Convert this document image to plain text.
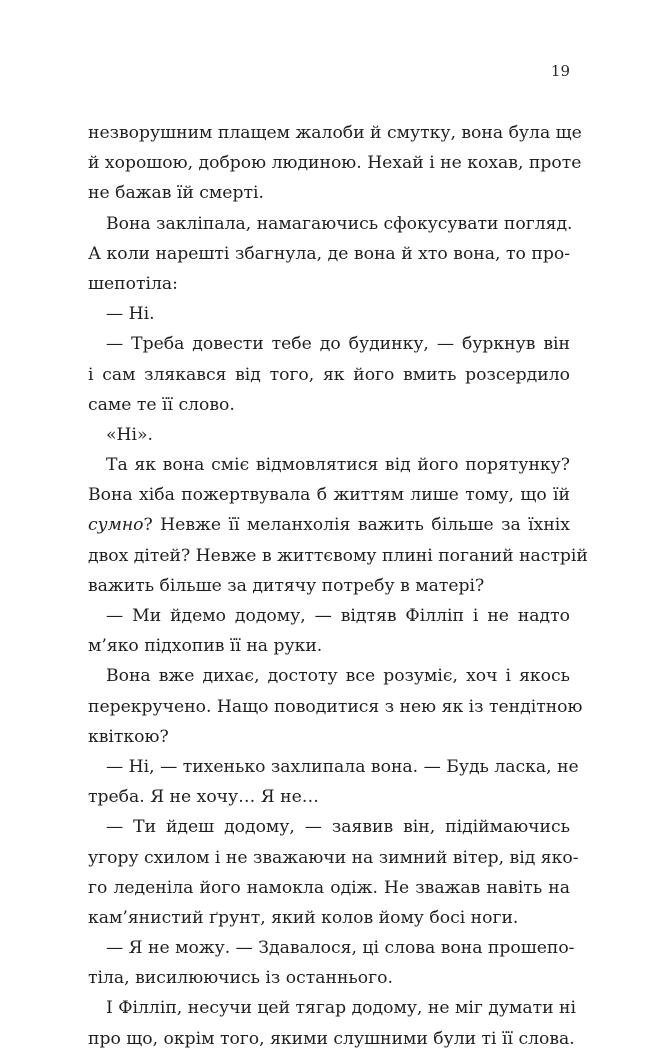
19
незворушним плащем жалоби й смутку, вона була ще
й хорошою, доброю людиною. Нехай і не кохав, проте
не бажав їй смерті.
Вона закліпала, намагаючись сфокусувати погляд.
А коли нарешті збагнула, де вона й хто вона, то про-
шепотіла:
— Ні.
— Треба довести тебе до будинку, — буркнув він
і сам злякався від того, як його вмить розсердило
саме те її слово.
«Ні».
Та як вона сміє відмовлятися від його порятунку?
Вона хіба пожертвувала б життям лише тому, що їй
сумно? Невже її меланхолія важить більше за їхніх
двох дітей? Невже в життєвому плині поганий настрій
важить більше за дитячу потребу в матері?
— Ми йдемо додому, — відтяв Філліп і не надто
м’яко підхопив її на руки.
Вона вже дихає, достоту все розуміє, хоч і якось
перекручено. Нащо поводитися з нею як із тендітною
квіткою?
— Ні, — тихенько захлипала вона. — Будь ласка, не
треба. Я не хочу… Я не…
— Ти йдеш додому, — заявив він, підіймаючись
угору схилом і не зважаючи на зимний вітер, від яко-
го леденіла його намокла одіж. Не зважав навіть на
кам’янистий ґрунт, який колов йому босі ноги.
— Я не можу. — Здавалося, ці слова вона прошепо-
тіла, висилюючись із останнього.
І Філліп, несучи цей тягар додому, не міг думати ні
про що, окрім того, якими слушними були ті її слова.
